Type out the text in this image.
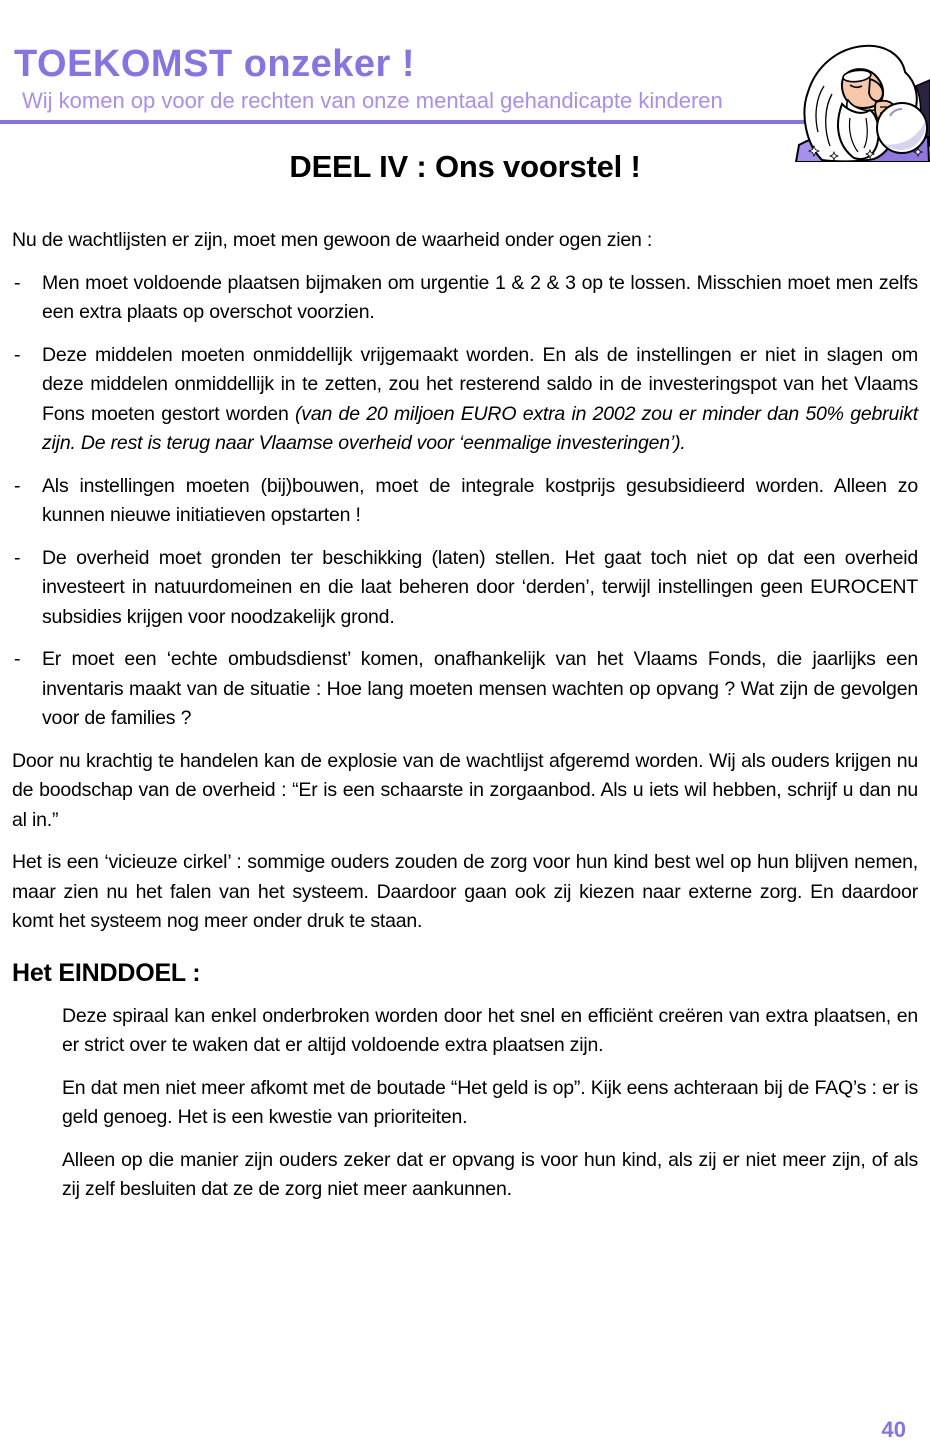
TOEKOMST onzeker !
Wij komen op voor de rechten van onze mentaal gehandicapte kinderen
DEEL IV : Ons voorstel !

Nu de wachtlijsten er zijn, moet men gewoon de waarheid onder ogen zien :

- Men moet voldoende plaatsen bijmaken om urgentie 1 & 2 & 3 op te lossen. Misschien moet men zelfs een extra plaats op overschot voorzien.
- Deze middelen moeten onmiddellijk vrijgemaakt worden. En als de instellingen er niet in slagen om deze middelen onmiddellijk in te zetten, zou het resterend saldo in de investeringspot van het Vlaams Fons moeten gestort worden (van de 20 miljoen EURO extra in 2002 zou er minder dan 50% gebruikt zijn. De rest is terug naar Vlaamse overheid voor ‘eenmalige investeringen’).
- Als instellingen moeten (bij)bouwen, moet de integrale kostprijs gesubsidieerd worden. Alleen zo kunnen nieuwe initiatieven opstarten !
- De overheid moet gronden ter beschikking (laten) stellen. Het gaat toch niet op dat een overheid investeert in natuurdomeinen en die laat beheren door ‘derden’, terwijl instellingen geen EUROCENT subsidies krijgen voor noodzakelijk grond.
- Er moet een ‘echte ombudsdienst’ komen, onafhankelijk van het Vlaams Fonds, die jaarlijks een inventaris maakt van de situatie : Hoe lang moeten mensen wachten op opvang ? Wat zijn de gevolgen voor de families ?

Door nu krachtig te handelen kan de explosie van de wachtlijst afgeremd worden. Wij als ouders krijgen nu de boodschap van de overheid : “Er is een schaarste in zorgaanbod. Als u iets wil hebben, schrijf u dan nu al in.”

Het is een ‘vicieuze cirkel’ : sommige ouders zouden de zorg voor hun kind best wel op hun blijven nemen, maar zien nu het falen van het systeem. Daardoor gaan ook zij kiezen naar externe zorg. En daardoor komt het systeem nog meer onder druk te staan.

Het EINDDOEL :

Deze spiraal kan enkel onderbroken worden door het snel en efficiënt creëren van extra plaatsen, en er strict over te waken dat er altijd voldoende extra plaatsen zijn.

En dat men niet meer afkomt met de boutade “Het geld is op”. Kijk eens achteraan bij de FAQ’s : er is geld genoeg. Het is een kwestie van prioriteiten.

Alleen op die manier zijn ouders zeker dat er opvang is voor hun kind, als zij er niet meer zijn, of als zij zelf besluiten dat ze de zorg niet meer aankunnen.

40
